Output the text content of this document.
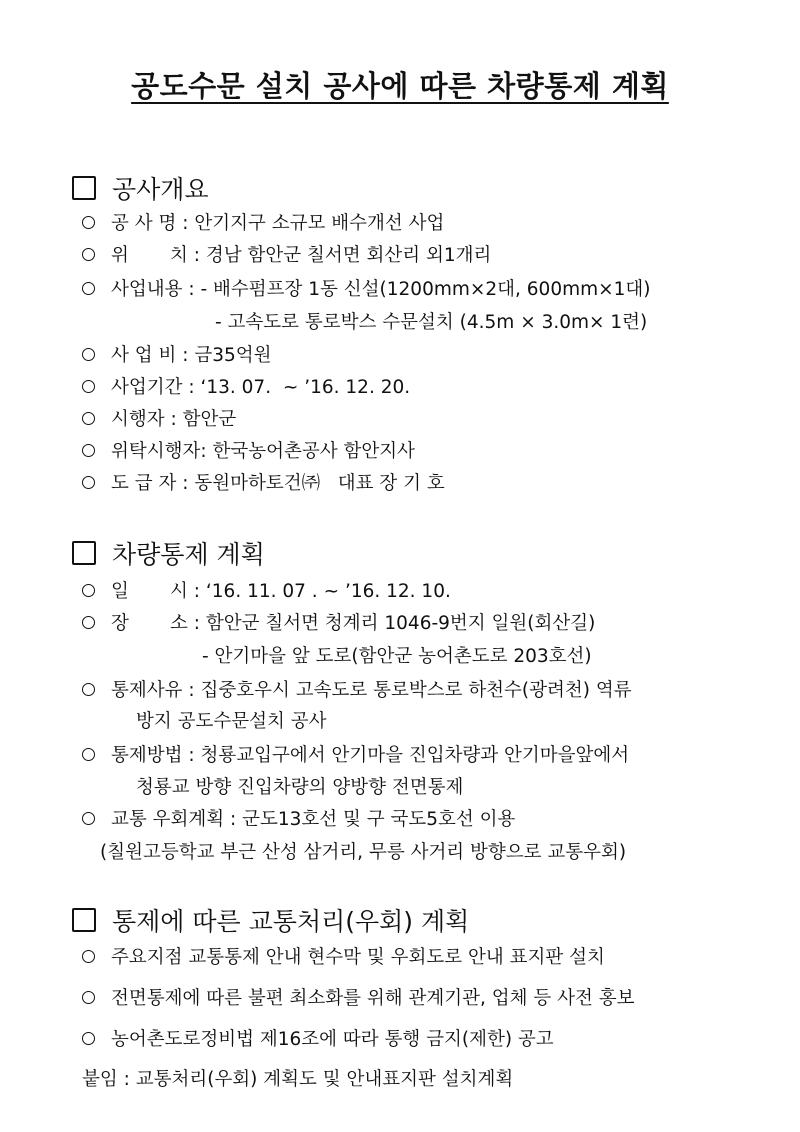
공도수문 설치 공사에 따른 차량통제 계획
공사개요
공 사 명 : 안기지구 소규모 배수개선 사업
위       치 : 경남 함안군 칠서면 회산리 외1개리
사업내용 : - 배수펌프장 1동 신설(1200mm×2대, 600mm×1대)
- 고속도로 통로박스 수문설치 (4.5m × 3.0m× 1련)
사 업 비 : 금35억원
사업기간 : ‘13. 07.  ~ ’16. 12. 20.
시행자 : 함안군
위탁시행자: 한국농어촌공사 함안지사
도 급 자 : 동원마하토건㈜   대표 장 기 호
차량통제 계획
일       시 : ‘16. 11. 07 . ~ ’16. 12. 10.
장       소 : 함안군 칠서면 청계리 1046-9번지 일원(회산길)
- 안기마을 앞 도로(함안군 농어촌도로 203호선)
통제사유 : 집중호우시 고속도로 통로박스로 하천수(광려천) 역류
방지 공도수문설치 공사
통제방법 : 청룡교입구에서 안기마을 진입차량과 안기마을앞에서
청룡교 방향 진입차량의 양방향 전면통제
교통 우회계획 : 군도13호선 및 구 국도5호선 이용
(칠원고등학교 부근 산성 삼거리, 무릉 사거리 방향으로 교통우회)
통제에 따른 교통처리(우회) 계획
주요지점 교통통제 안내 현수막 및 우회도로 안내 표지판 설치
전면통제에 따른 불편 최소화를 위해 관계기관, 업체 등 사전 홍보
농어촌도로정비법 제16조에 따라 통행 금지(제한) 공고
붙임 : 교통처리(우회) 계획도 및 안내표지판 설치계획
